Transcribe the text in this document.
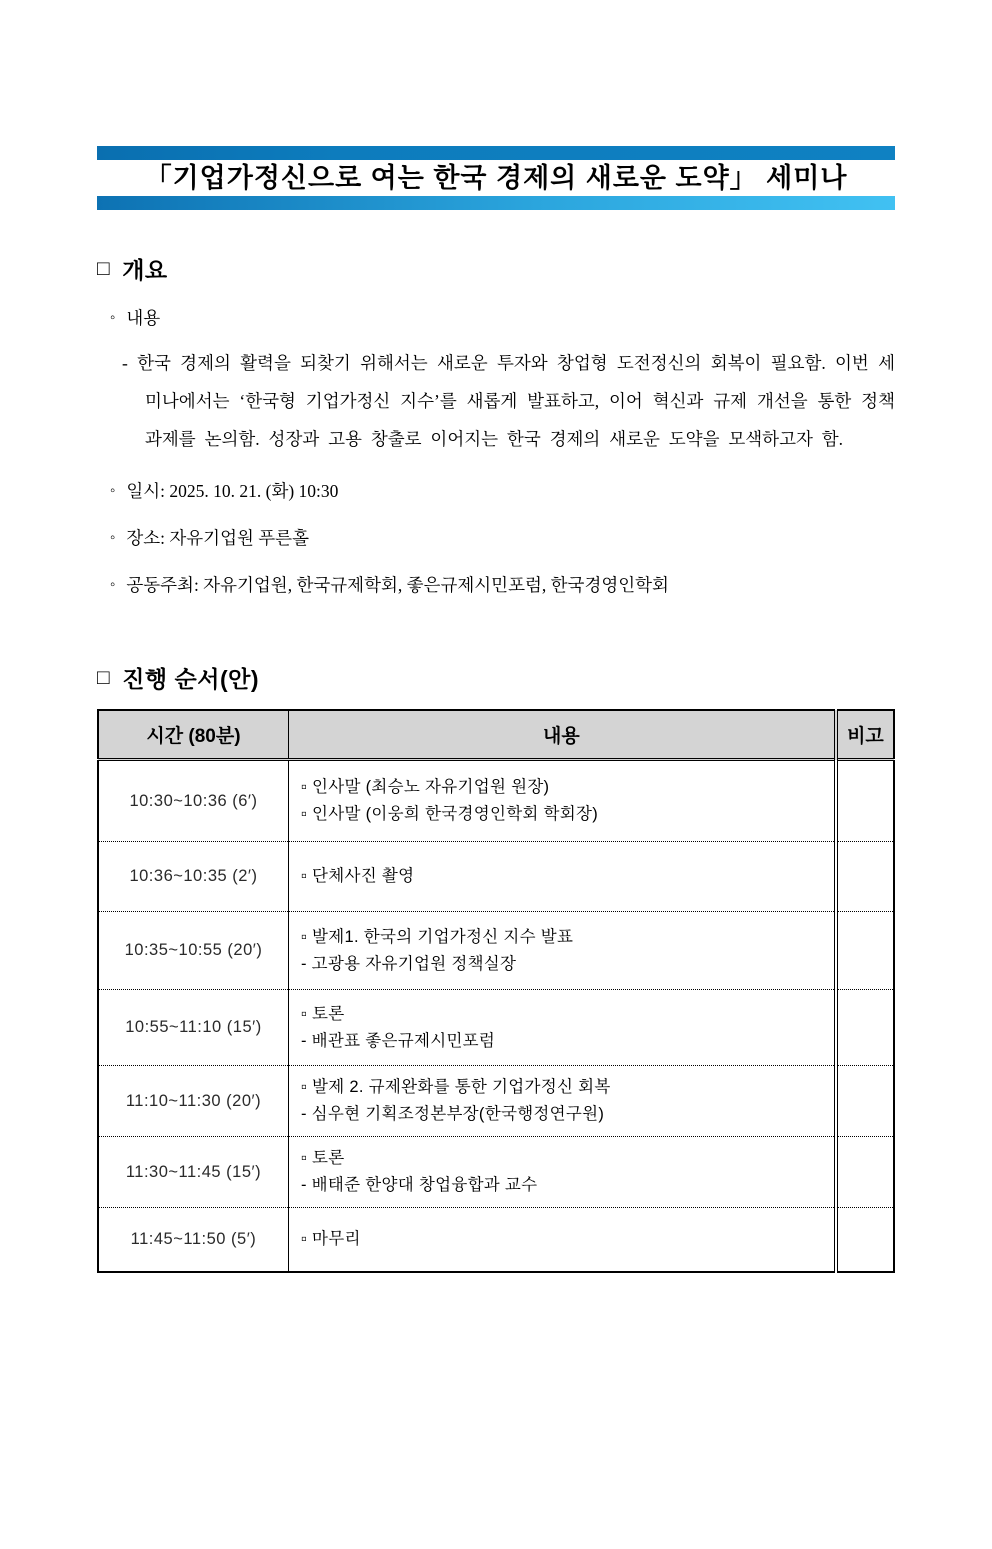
「기업가정신으로 여는 한국 경제의 새로운 도약」 세미나
□ 개요
◦ 내용
- 한국 경제의 활력을 되찾기 위해서는 새로운 투자와 창업형 도전정신의 회복이 필요함. 이번 세미나에서는 ‘한국형 기업가정신 지수’를 새롭게 발표하고, 이어 혁신과 규제 개선을 통한 정책 과제를 논의함. 성장과 고용 창출로 이어지는 한국 경제의 새로운 도약을 모색하고자 함.
◦ 일시: 2025. 10. 21. (화) 10:30
◦ 장소: 자유기업원 푸른홀
◦ 공동주최: 자유기업원, 한국규제학회, 좋은규제시민포럼, 한국경영인학회
□ 진행 순서(안)
시간 (80분)	내용	비고
10:30~10:36 (6′)	▫ 인사말 (최승노 자유기업원 원장)
▫ 인사말 (이웅희 한국경영인학회 학회장)	

10:36~10:35 (2′)	▫ 단체사진 촬영	

10:35~10:55 (20′)	▫ 발제1. 한국의 기업가정신 지수 발표
- 고광용 자유기업원 정책실장	

10:55~11:10 (15′)	▫ 토론
- 배관표 좋은규제시민포럼	

11:10~11:30 (20′)	▫ 발제 2. 규제완화를 통한 기업가정신 회복
- 심우현 기획조정본부장(한국행정연구원)	

11:30~11:45 (15′)	▫ 토론
- 배태준 한양대 창업융합과 교수	

11:45~11:50 (5′)	▫ 마무리	
